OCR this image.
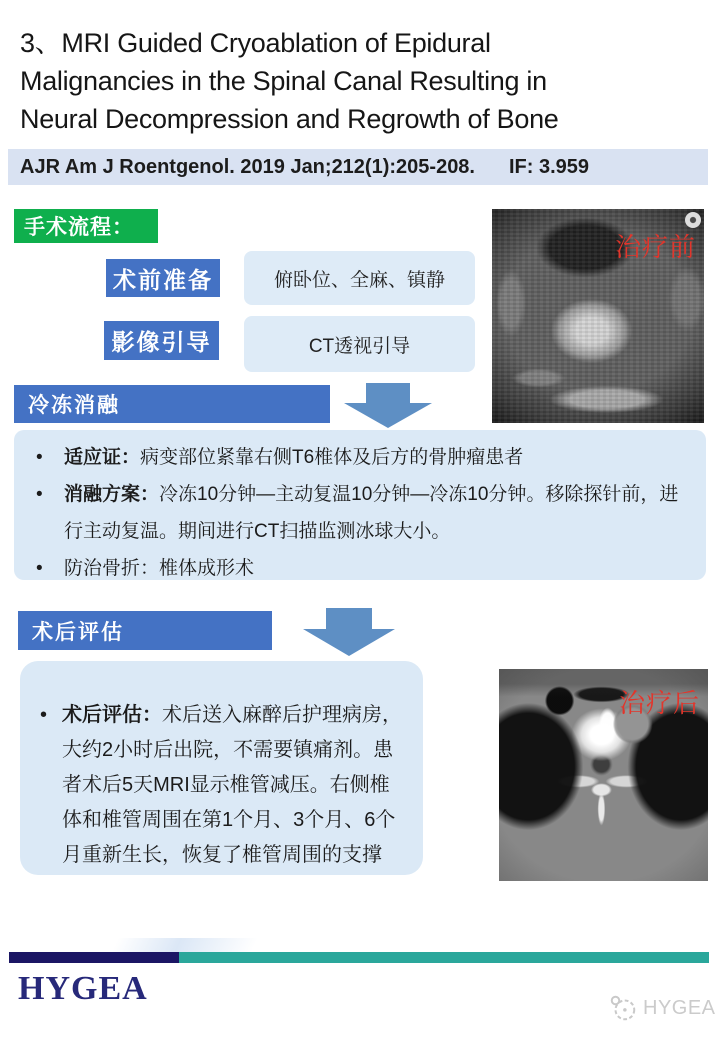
3、MRI Guided Cryoablation of Epidural
Malignancies in the Spinal Canal Resulting in
Neural Decompression and Regrowth of Bone
AJR Am J Roentgenol. 2019 Jan;212(1):205-208. IF: 3.959
手术流程：
术前准备	俯卧位、全麻、镇静
影像引导	CT透视引导
冷冻消融
治疗前
• 适应证：病变部位紧靠右侧T6椎体及后方的骨肿瘤患者
• 消融方案：冷冻10分钟—主动复温10分钟—冷冻10分钟。移除探针前，进行主动复温。期间进行CT扫描监测冰球大小。
• 防治骨折：椎体成形术
术后评估
• 术后评估：术后送入麻醉后护理病房，大约2小时后出院，不需要镇痛剂。患者术后5天MRI显示椎管减压。右侧椎体和椎管周围在第1个月、3个月、6个月重新生长，恢复了椎管周围的支撑
治疗后
HYGEA
HYGEA
